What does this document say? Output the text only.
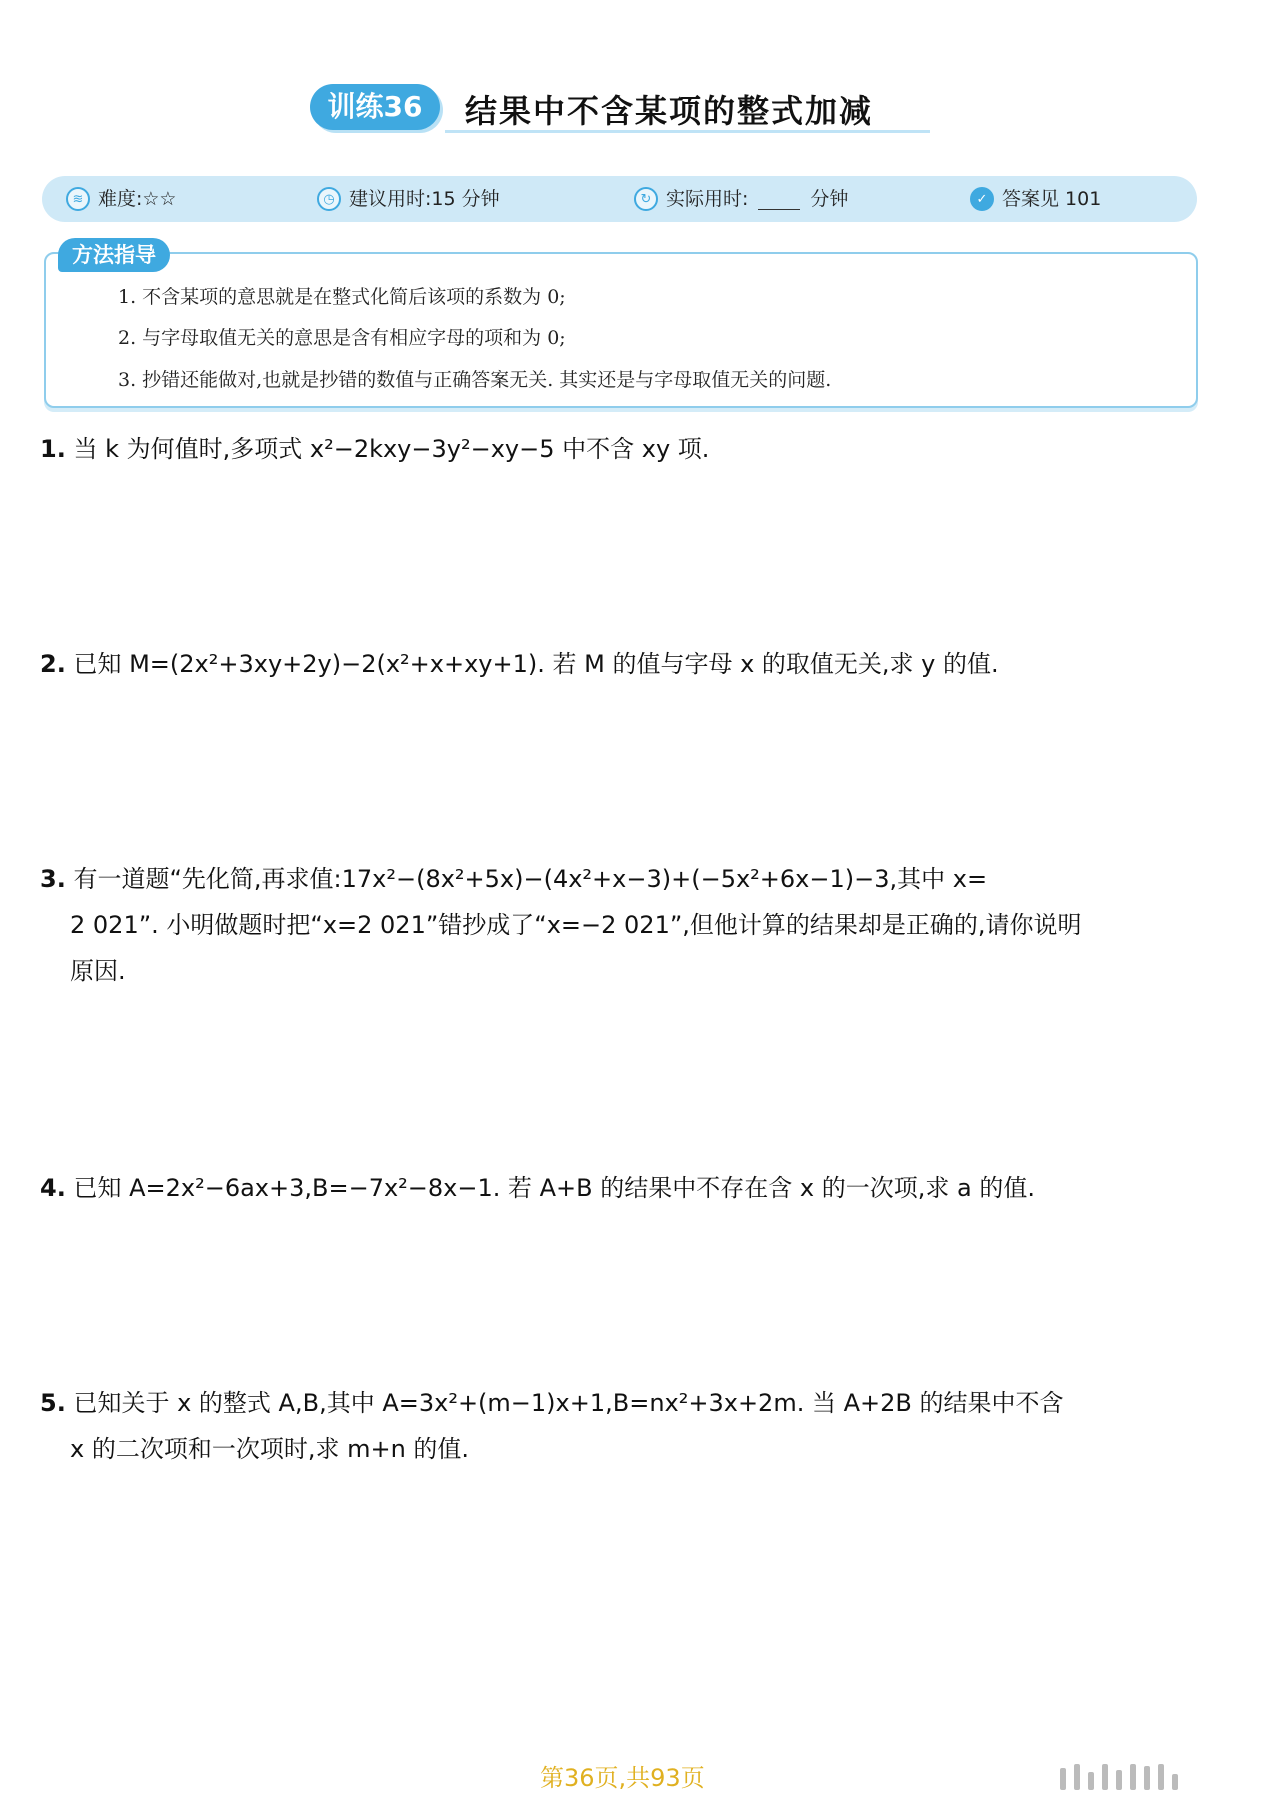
训练36	结果中不含某项的整式加减
≋ 难度:☆☆	◷ 建议用时:15 分钟	↻ 实际用时:	分钟	✓ 答案见 101
方法指导
1. 不含某项的意思就是在整式化简后该项的系数为 0;
2. 与字母取值无关的意思是含有相应字母的项和为 0;
3. 抄错还能做对,也就是抄错的数值与正确答案无关. 其实还是与字母取值无关的问题.
1. 当 k 为何值时,多项式 x²−2kxy−3y²−xy−5 中不含 xy 项.
2. 已知 M=(2x²+3xy+2y)−2(x²+x+xy+1). 若 M 的值与字母 x 的取值无关,求 y 的值.
3. 有一道题“先化简,再求值:17x²−(8x²+5x)−(4x²+x−3)+(−5x²+6x−1)−3,其中 x=
2 021”. 小明做题时把“x=2 021”错抄成了“x=−2 021”,但他计算的结果却是正确的,请你说明
原因.
4. 已知 A=2x²−6ax+3,B=−7x²−8x−1. 若 A+B 的结果中不存在含 x 的一次项,求 a 的值.
5. 已知关于 x 的整式 A,B,其中 A=3x²+(m−1)x+1,B=nx²+3x+2m. 当 A+2B 的结果中不含
x 的二次项和一次项时,求 m+n 的值.
第36页,共93页
